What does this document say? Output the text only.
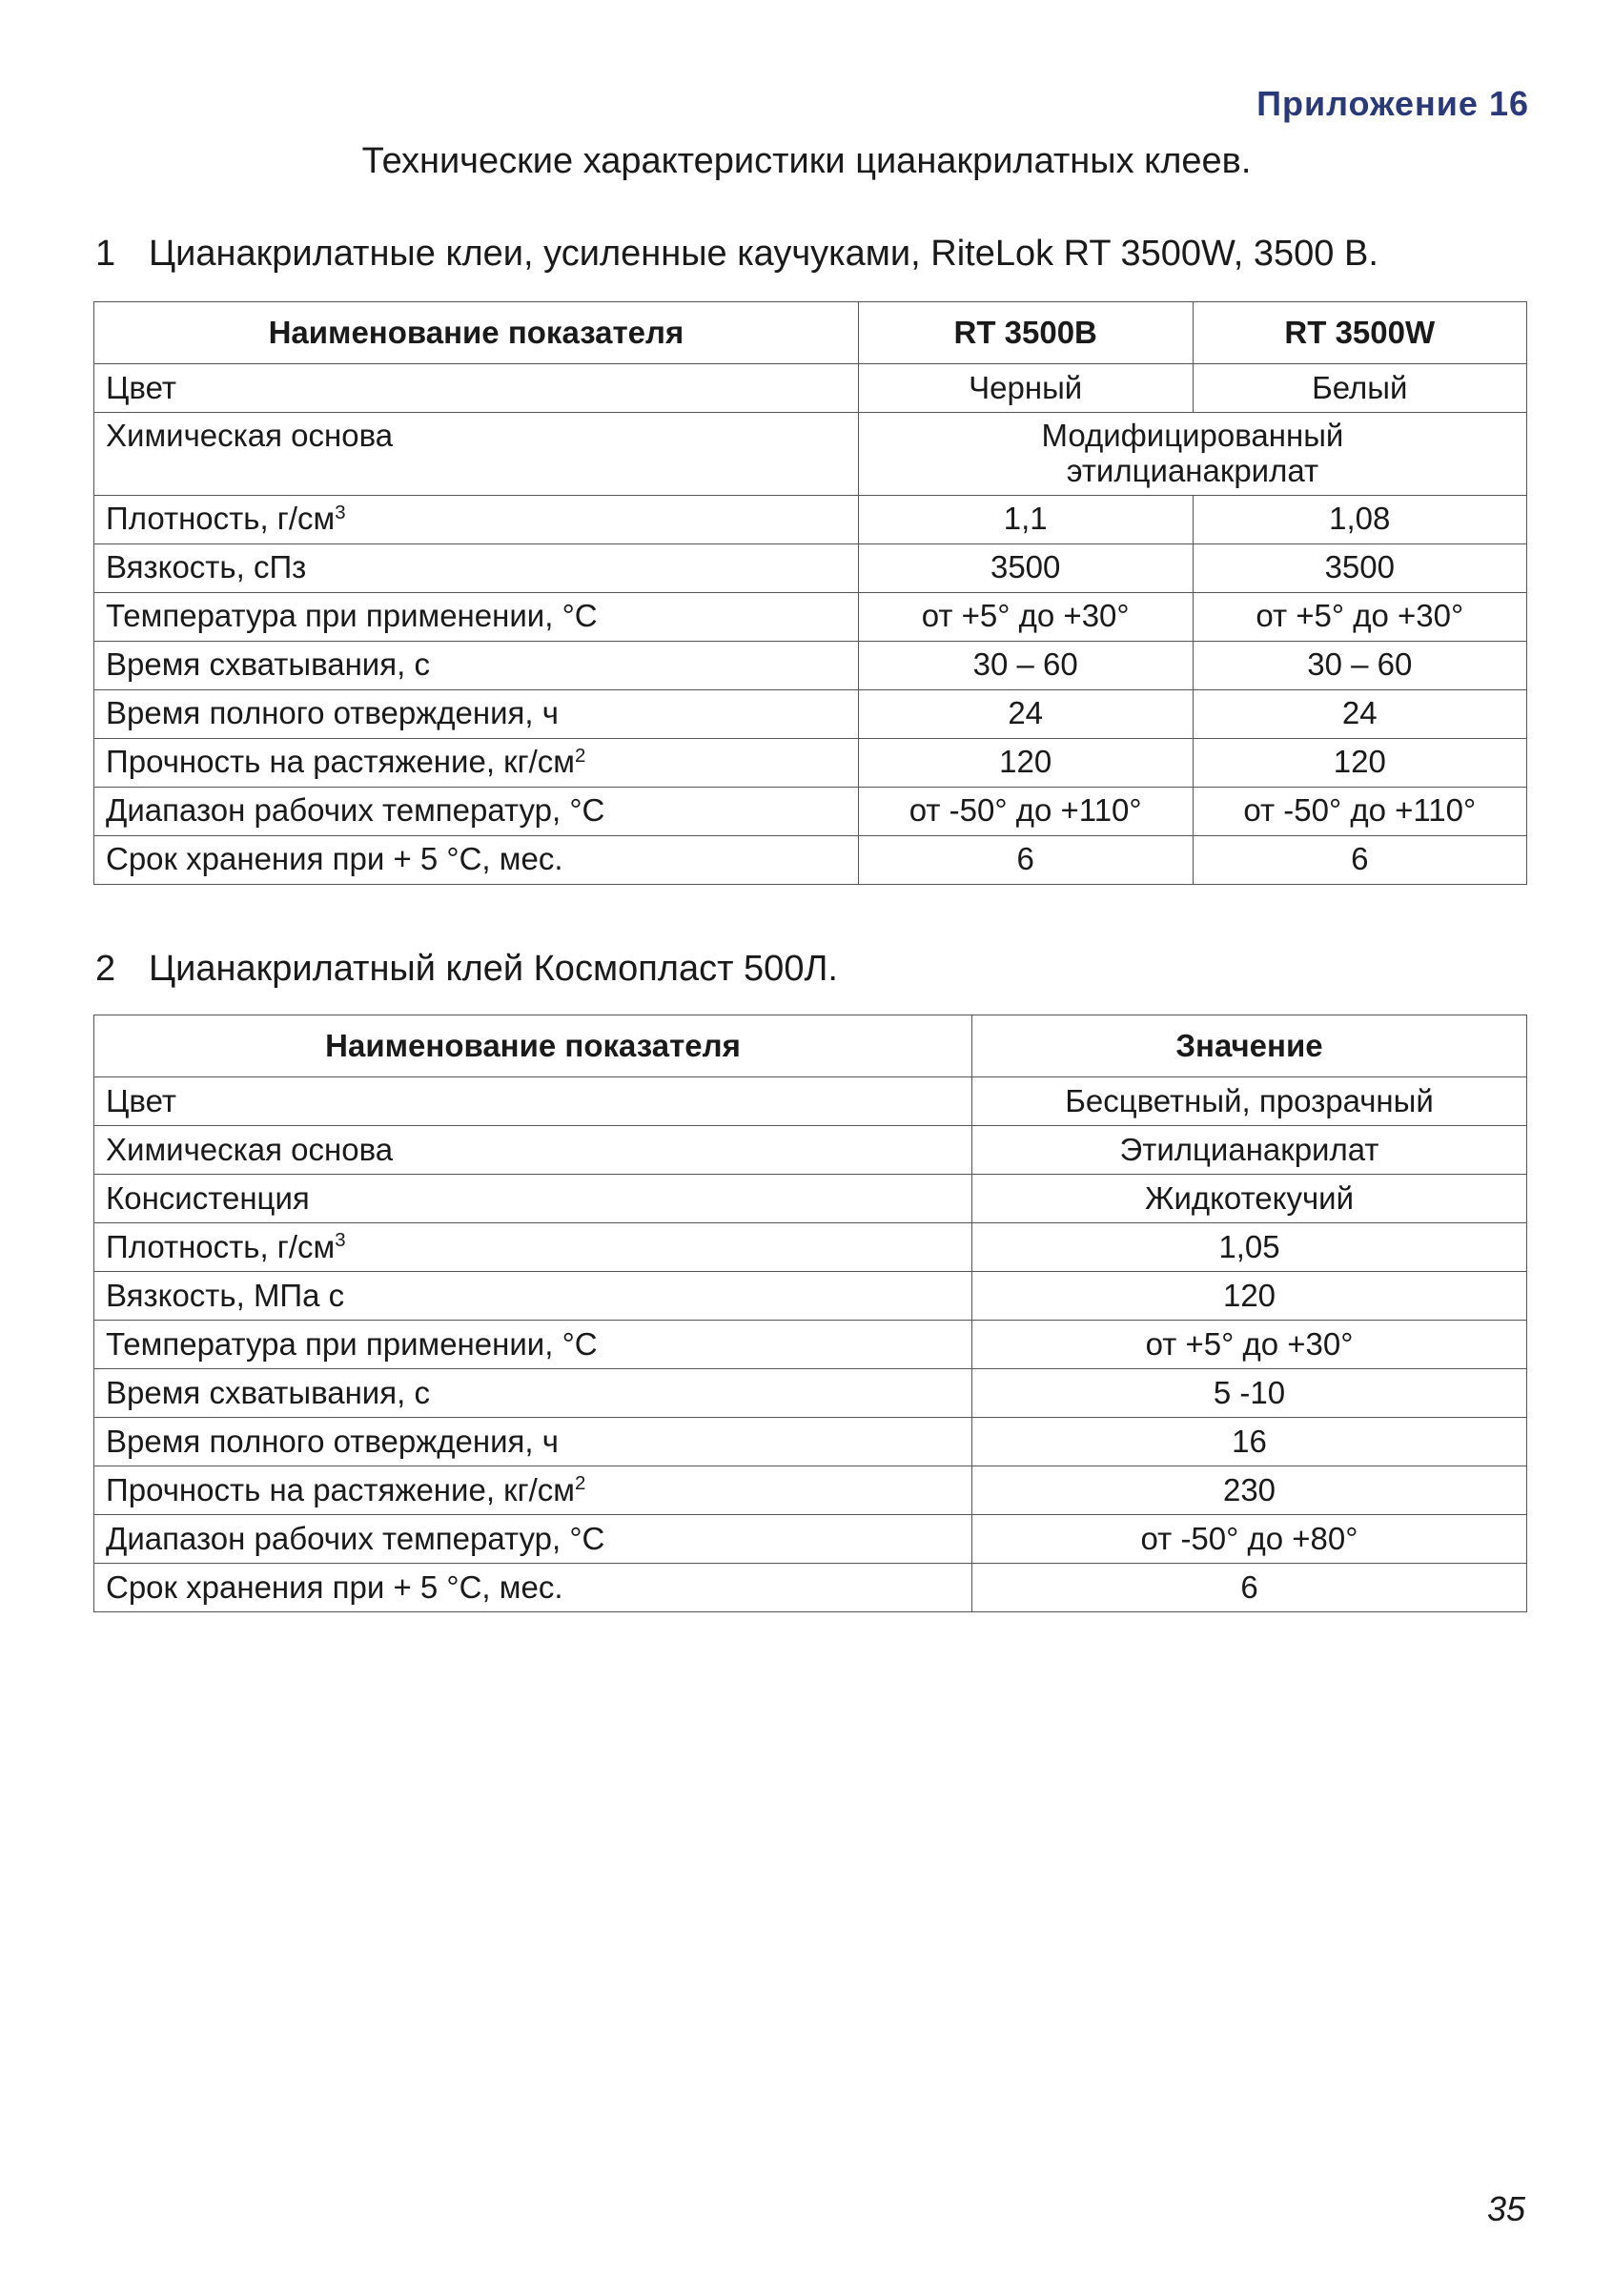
Приложение 16
Технические характеристики цианакрилатных клеев.
1 Цианакрилатные клеи, усиленные каучуками, RiteLok RT 3500W, 3500 В.
Наименование показателя	RT 3500B	RT 3500W
Цвет	Черный	Белый
Химическая основа	Модифицированный
этилцианакрилат	

Плотность, $г/см^3$	1,1	1,08
Вязкость, сПз	3500	3500
Температура при применении, °С	от +5° до +30°	от +5° до +30°
Время схватывания, с	30 – 60	30 – 60
Время полного отверждения, ч	24	24
Прочность на растяжение, $кг/см^2$	120	120
Диапазон рабочих температур, °С	от -50° до +110°	от -50° до +110°
Срок хранения при + 5 °С, мес.	6	6
2 Цианакрилатный клей Космопласт 500Л.
Наименование показателя	Значение
Цвет	Бесцветный, прозрачный
Химическая основа	Этилцианакрилат
Консистенция	Жидкотекучий
Плотность, $г/см^3$	1,05
Вязкость, МПа с	120
Температура при применении, °С	от +5° до +30°
Время схватывания, с	5 -10
Время полного отверждения, ч	16
Прочность на растяжение, $кг/см^2$	230
Диапазон рабочих температур, °С	от -50° до +80°
Срок хранения при + 5 °С, мес.	6
35
